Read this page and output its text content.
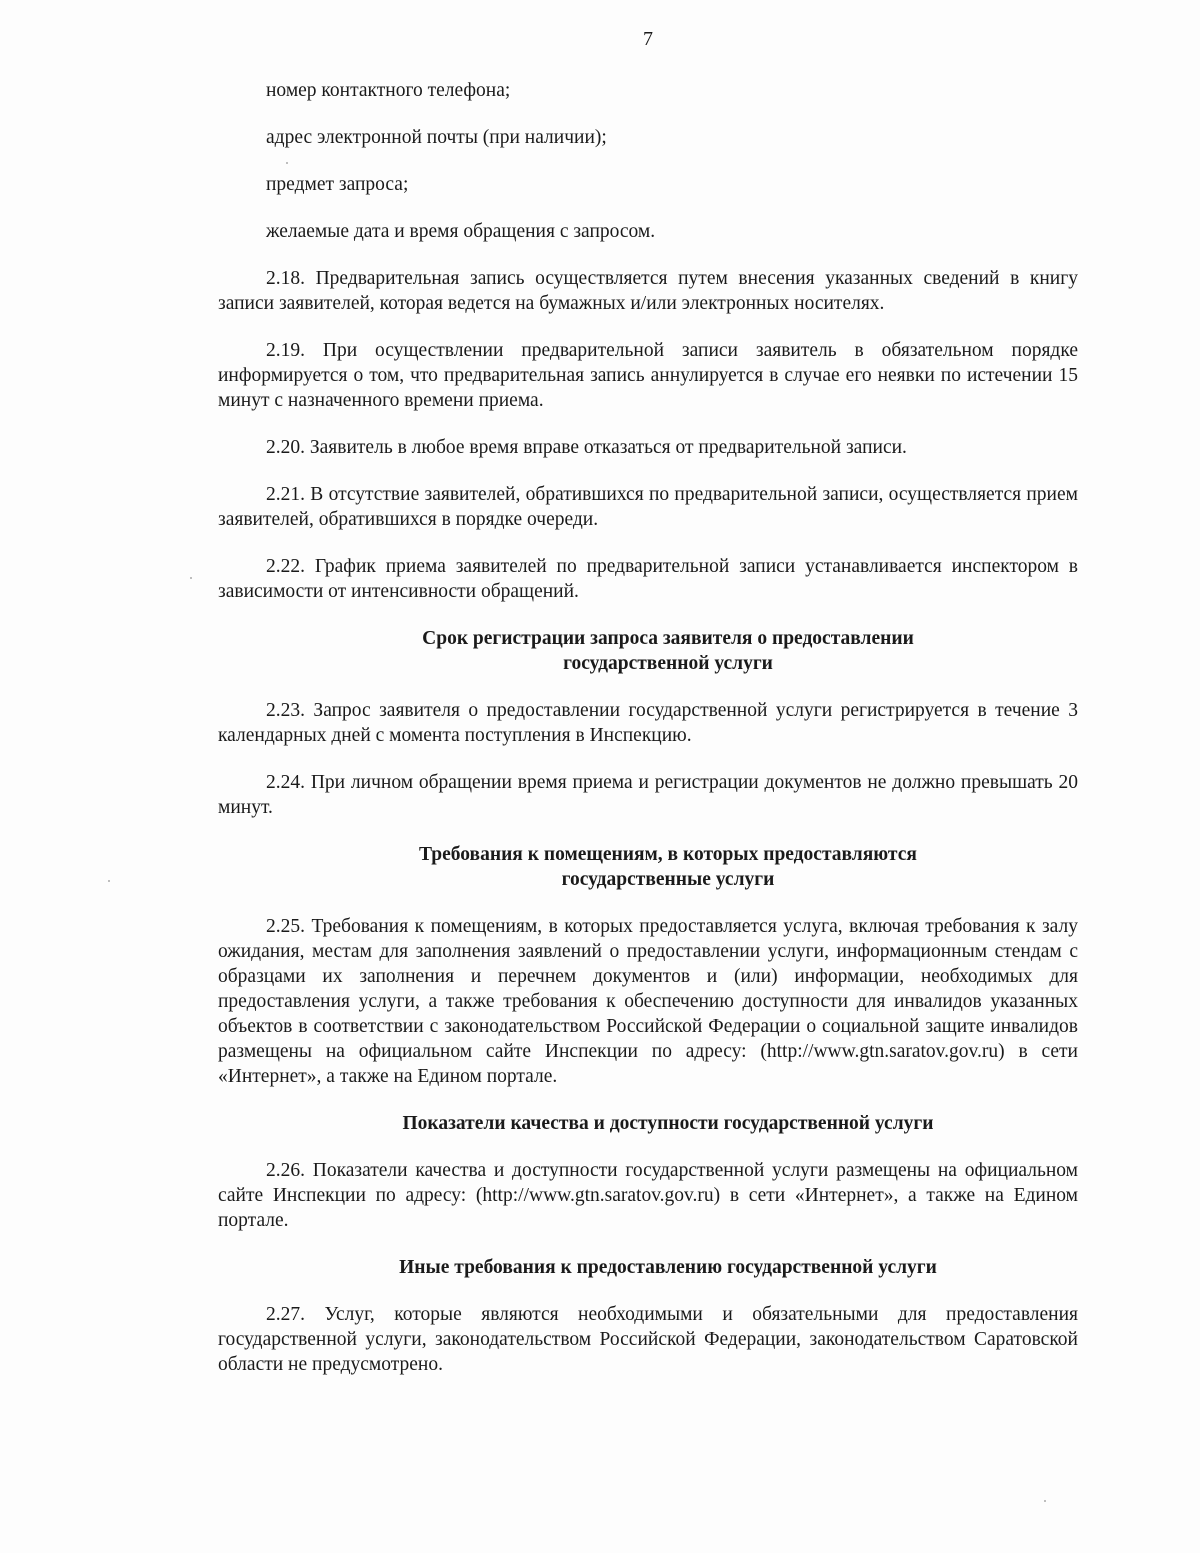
7

номер контактного телефона;

адрес электронной почты (при наличии);

предмет запроса;

желаемые дата и время обращения с запросом.

2.18. Предварительная запись осуществляется путем внесения указанных сведений в книгу записи заявителей, которая ведется на бумажных и/или электронных носителях.

2.19. При осуществлении предварительной записи заявитель в обязательном порядке информируется о том, что предварительная запись аннулируется в случае его неявки по истечении 15 минут с назначенного времени приема.

2.20. Заявитель в любое время вправе отказаться от предварительной записи.

2.21. В отсутствие заявителей, обратившихся по предварительной записи, осуществляется прием заявителей, обратившихся в порядке очереди.

2.22. График приема заявителей по предварительной записи устанавливается инспектором в зависимости от интенсивности обращений.

Срок регистрации запроса заявителя о предоставлении
государственной услуги

2.23. Запрос заявителя о предоставлении государственной услуги регистрируется в течение 3 календарных дней с момента поступления в Инспекцию.

2.24. При личном обращении время приема и регистрации документов не должно превышать 20 минут.

Требования к помещениям, в которых предоставляются
государственные услуги

2.25. Требования к помещениям, в которых предоставляется услуга, включая требования к залу ожидания, местам для заполнения заявлений о предоставлении услуги, информационным стендам с образцами их заполнения и перечнем документов и (или) информации, необходимых для предоставления услуги, а также требования к обеспечению доступности для инвалидов указанных объектов в соответствии с законодательством Российской Федерации о социальной защите инвалидов размещены на официальном сайте Инспекции по адресу: (http://www.gtn.saratov.gov.ru) в сети «Интернет», а также на Едином портале.

Показатели качества и доступности государственной услуги

2.26. Показатели качества и доступности государственной услуги размещены на официальном сайте Инспекции по адресу: (http://www.gtn.saratov.gov.ru) в сети «Интернет», а также на Едином портале.

Иные требования к предоставлению государственной услуги

2.27. Услуг, которые являются необходимыми и обязательными для предоставления государственной услуги, законодательством Российской Федерации, законодательством Саратовской области не предусмотрено.
